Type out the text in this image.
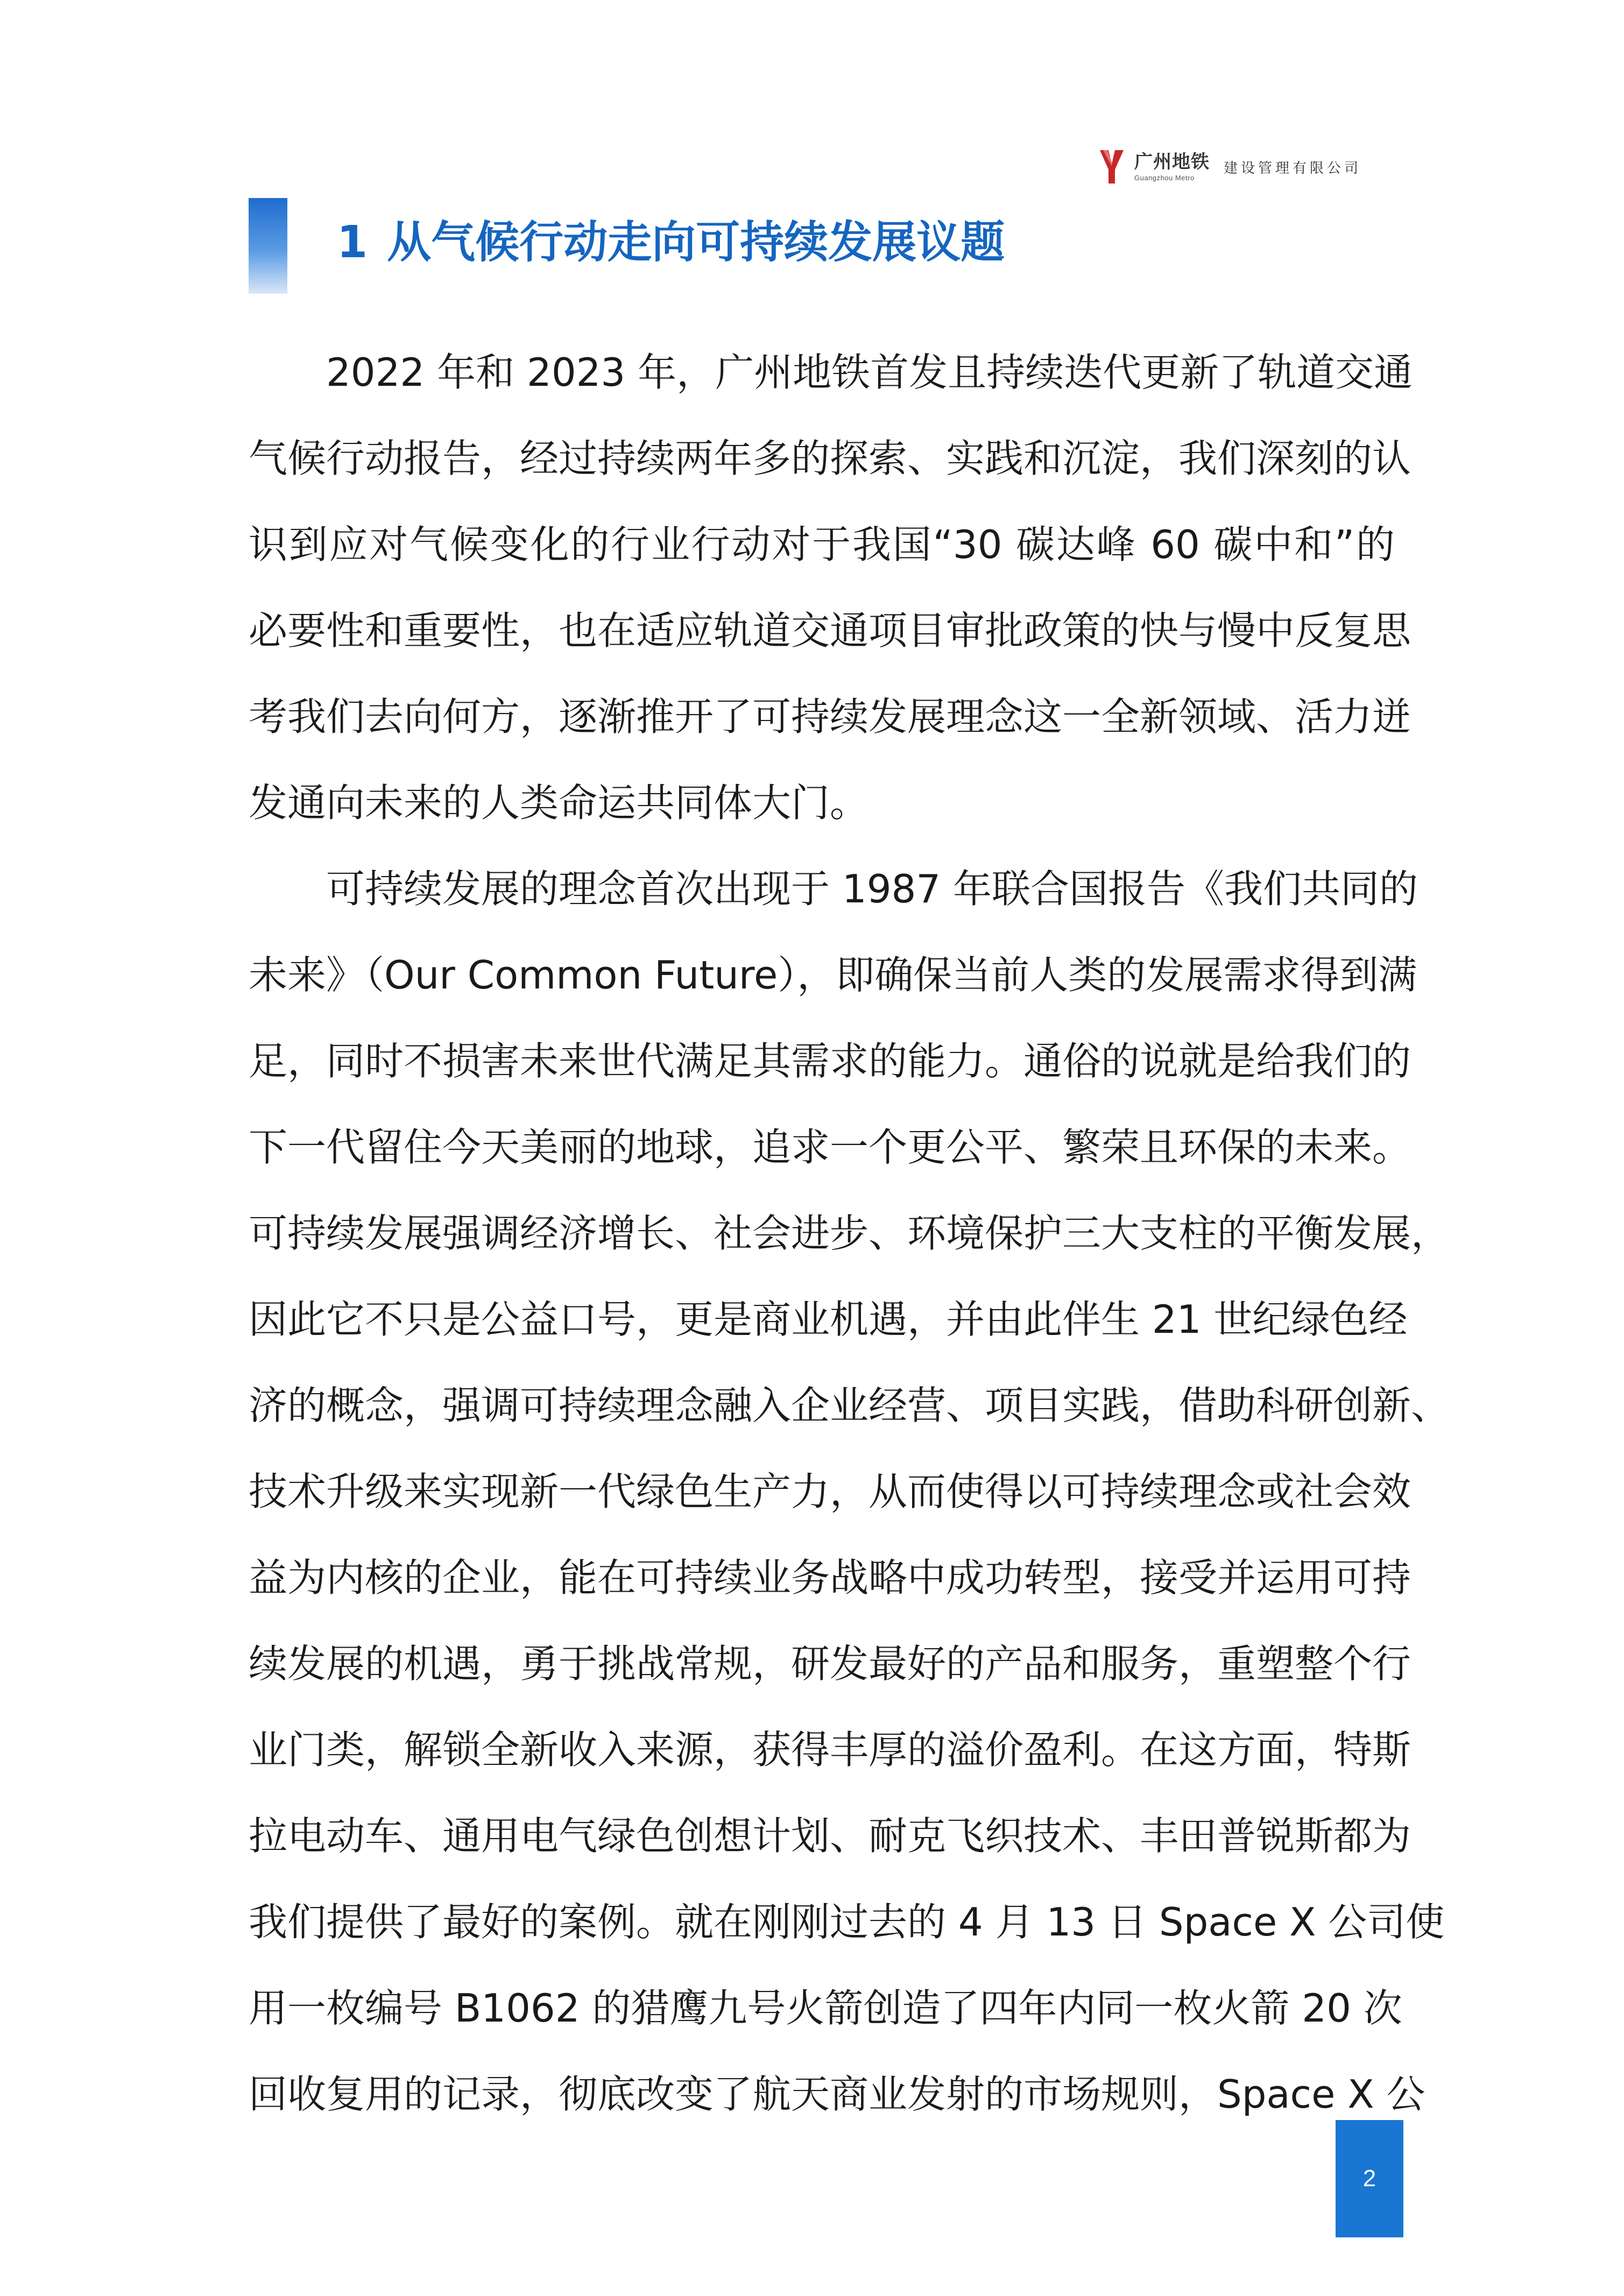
广州地铁
Guangzhou Metro
建设管理有限公司
1 从气候行动走向可持续发展议题
2022 年和 2023 年，广州地铁首发且持续迭代更新了轨道交通
气候行动报告，经过持续两年多的探索、实践和沉淀，我们深刻的认
识到应对气候变化的行业行动对于我国“30 碳达峰 60 碳中和”的
必要性和重要性，也在适应轨道交通项目审批政策的快与慢中反复思
考我们去向何方，逐渐推开了可持续发展理念这一全新领域、活力迸
发通向未来的人类命运共同体大门。
可持续发展的理念首次出现于 1987 年联合国报告《我们共同的
未来》（Our Common Future），即确保当前人类的发展需求得到满
足，同时不损害未来世代满足其需求的能力。通俗的说就是给我们的
下一代留住今天美丽的地球，追求一个更公平、繁荣且环保的未来。
可持续发展强调经济增长、社会进步、环境保护三大支柱的平衡发展，
因此它不只是公益口号，更是商业机遇，并由此伴生 21 世纪绿色经
济的概念，强调可持续理念融入企业经营、项目实践，借助科研创新、
技术升级来实现新一代绿色生产力，从而使得以可持续理念或社会效
益为内核的企业，能在可持续业务战略中成功转型，接受并运用可持
续发展的机遇，勇于挑战常规，研发最好的产品和服务，重塑整个行
业门类，解锁全新收入来源，获得丰厚的溢价盈利。在这方面，特斯
拉电动车、通用电气绿色创想计划、耐克飞织技术、丰田普锐斯都为
我们提供了最好的案例。就在刚刚过去的 4 月 13 日 Space X 公司使
用一枚编号 B1062 的猎鹰九号火箭创造了四年内同一枚火箭 20 次
回收复用的记录，彻底改变了航天商业发射的市场规则，Space X 公
2
